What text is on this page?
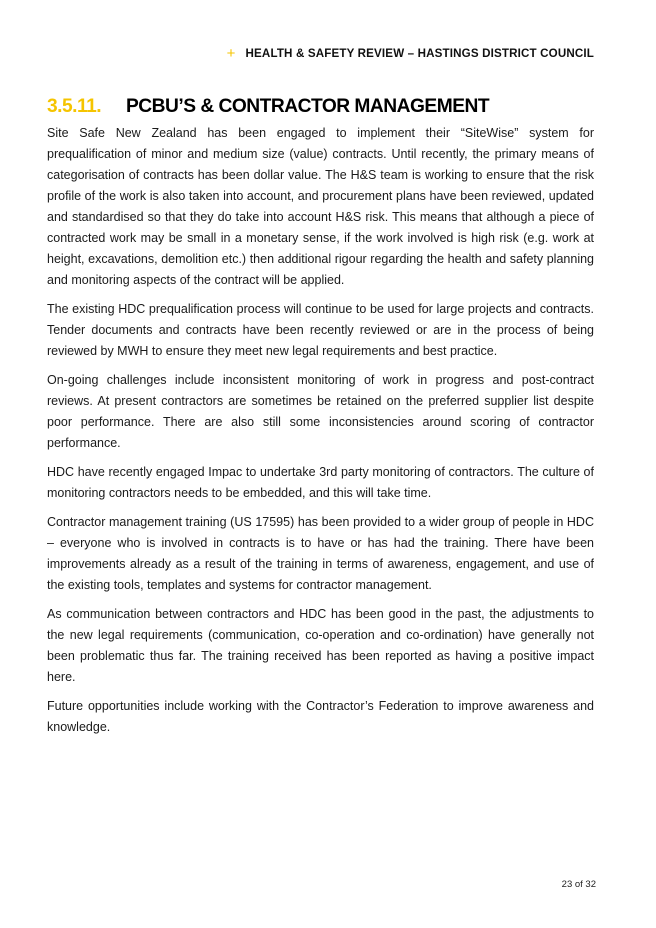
+ HEALTH & SAFETY REVIEW – HASTINGS DISTRICT COUNCIL
3.5.11.	PCBU’S & CONTRACTOR MANAGEMENT

Site Safe New Zealand has been engaged to implement their “SiteWise” system for prequalification of minor and medium size (value) contracts. Until recently, the primary means of categorisation of contracts has been dollar value. The H&S team is working to ensure that the risk profile of the work is also taken into account, and procurement plans have been reviewed, updated and standardised so that they do take into account H&S risk. This means that although a piece of contracted work may be small in a monetary sense, if the work involved is high risk (e.g. work at height, excavations, demolition etc.) then additional rigour regarding the health and safety planning and monitoring aspects of the contract will be applied.

The existing HDC prequalification process will continue to be used for large projects and contracts. Tender documents and contracts have been recently reviewed or are in the process of being reviewed by MWH to ensure they meet new legal requirements and best practice.

On-going challenges include inconsistent monitoring of work in progress and post-contract reviews. At present contractors are sometimes be retained on the preferred supplier list despite poor performance. There are also still some inconsistencies around scoring of contractor performance.

HDC have recently engaged Impac to undertake 3rd party monitoring of contractors. The culture of monitoring contractors needs to be embedded, and this will take time.

Contractor management training (US 17595) has been provided to a wider group of people in HDC – everyone who is involved in contracts is to have or has had the training. There have been improvements already as a result of the training in terms of awareness, engagement, and use of the existing tools, templates and systems for contractor management.

As communication between contractors and HDC has been good in the past, the adjustments to the new legal requirements (communication, co-operation and co-ordination) have generally not been problematic thus far. The training received has been reported as having a positive impact here.

Future opportunities include working with the Contractor’s Federation to improve awareness and knowledge.

23 of 32
